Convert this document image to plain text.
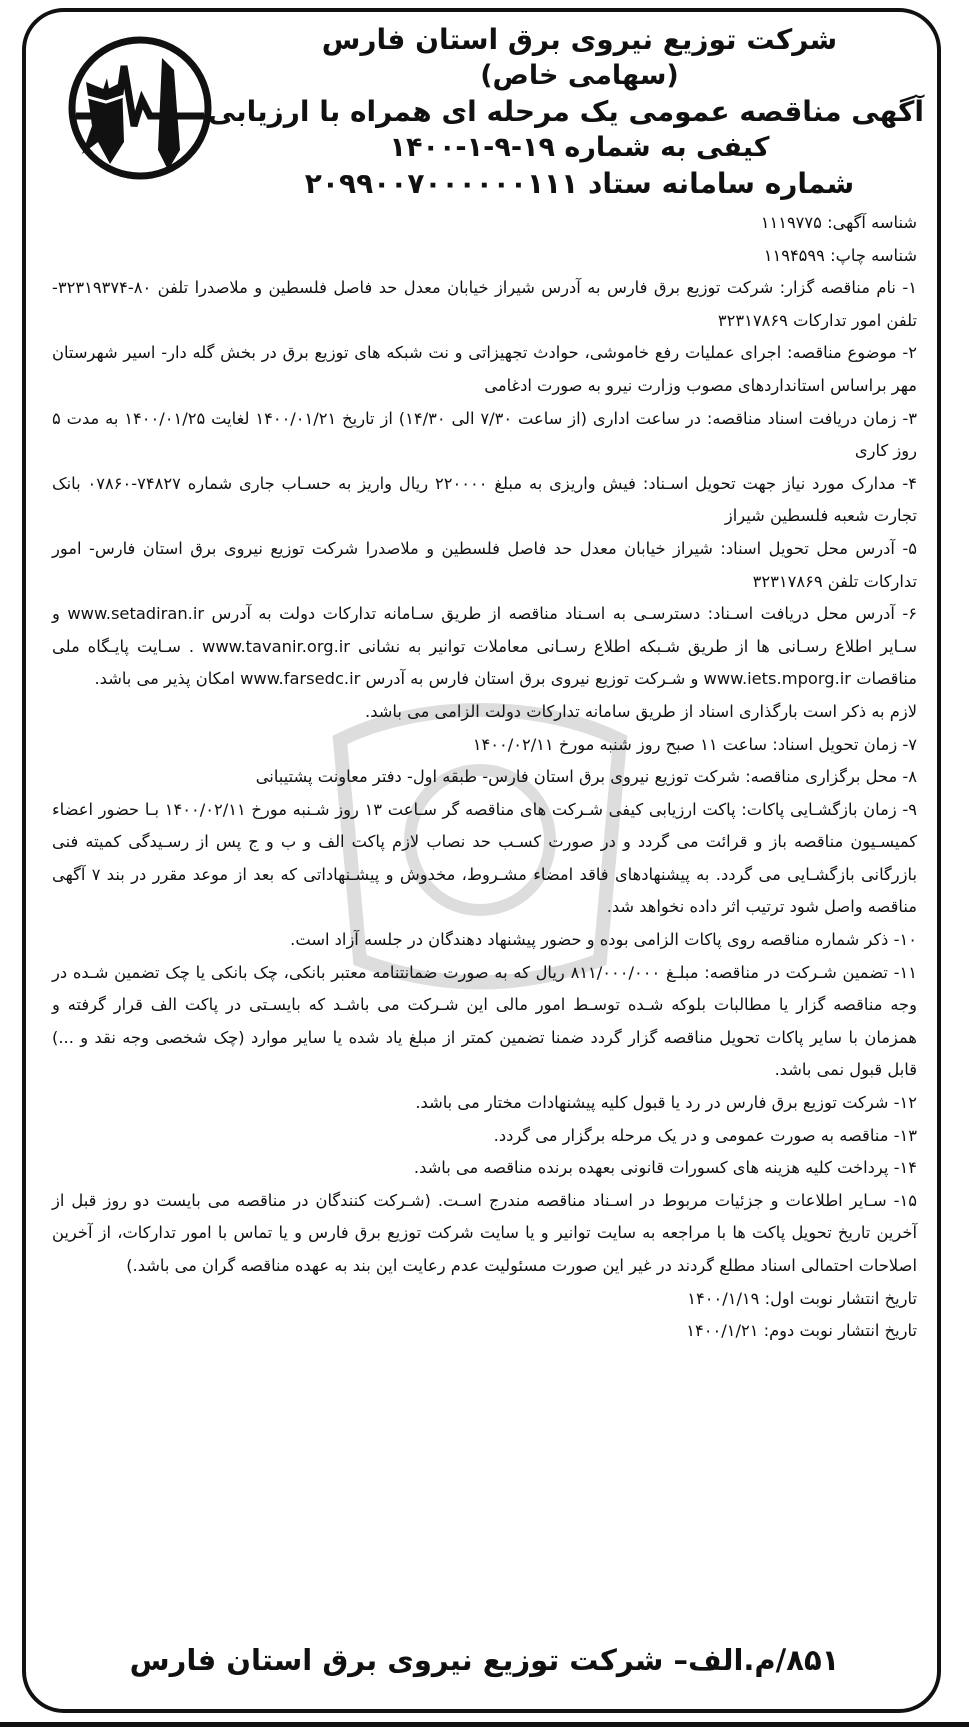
شرکت توزیع نیروی برق استان فارس
(سهامی خاص)
آگهی مناقصه عمومی یک مرحله ای همراه با ارزیابی
کیفی به شماره ۱۹-۹-۱-۱۴۰۰
شماره سامانه ستاد ۲۰۹۹۰۰۷۰۰۰۰۰۰۱۱۱

شناسه آگهی: ۱۱۱۹۷۷۵

شناسه چاپ: ۱۱۹۴۵۹۹

۱- نام مناقصه گزار: شرکت توزیع برق فارس به آدرس شیراز خیابان معدل حد فاصل فلسطین و ملاصدرا تلفن ۸۰-۳۲۳۱۹۳۷۴- تلفن امور تدارکات ۳۲۳۱۷۸۶۹

۲- موضوع مناقصه: اجرای عملیات رفع خاموشی، حوادث تجهیزاتی و نت شبکه های توزیع برق در بخش گله دار- اسیر شهرستان مهر براساس استانداردهای مصوب وزارت نیرو به صورت ادغامی

۳- زمان دریافت اسناد مناقصه: در ساعت اداری (از ساعت ۷/۳۰ الی ۱۴/۳۰) از تاریخ ۱۴۰۰/۰۱/۲۱ لغایت ۱۴۰۰/۰۱/۲۵ به مدت ۵ روز کاری

۴- مدارک مورد نیاز جهت تحویل اسـناد: فیش واریزی به مبلغ ۲۲۰۰۰۰ ریال واریز به حسـاب جاری شماره ۷۴۸۲۷-۰۷۸۶۰ بانک تجارت شعبه فلسطین شیراز

۵- آدرس محل تحویل اسناد: شیراز خیابان معدل حد فاصل فلسطین و ملاصدرا شرکت توزیع نیروی برق استان فارس- امور تدارکات تلفن ۳۲۳۱۷۸۶۹

۶- آدرس محل دریافت اسـناد: دسترسـی به اسـناد مناقصه از طریق سـامانه تدارکات دولت به آدرس www.setadiran.ir و سـایر اطلاع رسـانی ها از طریق شـبکه اطلاع رسـانی معاملات توانیر به نشانی www.tavanir.org.ir . سـایت پایـگاه ملی مناقصات www.iets.mporg.ir و شـرکت توزیع نیروی برق استان فارس به آدرس www.farsedc.ir امکان پذیر می باشد.

لازم به ذکر است بارگذاری اسناد از طریق سامانه تدارکات دولت الزامی می باشد.

۷- زمان تحویل اسناد: ساعت ۱۱ صبح روز شنبه مورخ ۱۴۰۰/۰۲/۱۱

۸- محل برگزاری مناقصه: شرکت توزیع نیروی برق استان فارس- طبقه اول- دفتر معاونت پشتیبانی

۹- زمان بازگشـایی پاکات: پاکت ارزیابی کیفی شـرکت های مناقصه گر سـاعت ۱۳ روز شـنبه مورخ ۱۴۰۰/۰۲/۱۱ بـا حضور اعضاء کمیسـیون مناقصه باز و قرائت می گردد و در صورت کسـب حد نصاب لازم پاکت الف و ب و ج پس از رسـیدگی کمیته فنی بازرگانی بازگشـایی می گردد. به پیشنهادهای فاقد امضاء مشـروط، مخدوش و پیشـنهاداتی که بعد از موعد مقرر در بند ۷ آگهی مناقصه واصل شود ترتیب اثر داده نخواهد شد.

۱۰- ذکر شماره مناقصه روی پاکات الزامی بوده و حضور پیشنهاد دهندگان در جلسه آزاد است.

۱۱- تضمین شـرکت در مناقصه: مبلـغ ۸۱۱/۰۰۰/۰۰۰ ریال که به صورت ضمانتنامه معتبر بانکی، چک بانکی یا چک تضمین شـده در وجه مناقصه گزار یا مطالبات بلوکه شـده توسـط امور مالی این شـرکت می باشـد که بایسـتی در پاکت الف قرار گرفته و همزمان با سایر پاکات تحویل مناقصه گزار گردد ضمنا تضمین کمتر از مبلغ یاد شده یا سایر موارد (چک شخصی وجه نقد و ...) قابل قبول نمی باشد.

۱۲- شرکت توزیع برق فارس در رد یا قبول کلیه پیشنهادات مختار می باشد.

۱۳- مناقصه به صورت عمومی و در یک مرحله برگزار می گردد.

۱۴- پرداخت کلیه هزینه های کسورات قانونی بعهده برنده مناقصه می باشد.

۱۵- سـایر اطلاعات و جزئیات مربوط در اسـناد مناقصه مندرج اسـت. (شـرکت کنندگان در مناقصه می بایست دو روز قبل از آخرین تاریخ تحویل پاکت ها با مراجعه به سایت توانیر و یا سایت شرکت توزیع برق فارس و یا تماس با امور تدارکات، از آخرین اصلاحات احتمالی اسناد مطلع گردند در غیر این صورت مسئولیت عدم رعایت این بند به عهده مناقصه گران می باشد.)

تاریخ انتشار نوبت اول: ۱۴۰۰/۱/۱۹

تاریخ انتشار نوبت دوم: ۱۴۰۰/۱/۲۱

۸۵۱/م.الف– شرکت توزیع نیروی برق استان فارس
